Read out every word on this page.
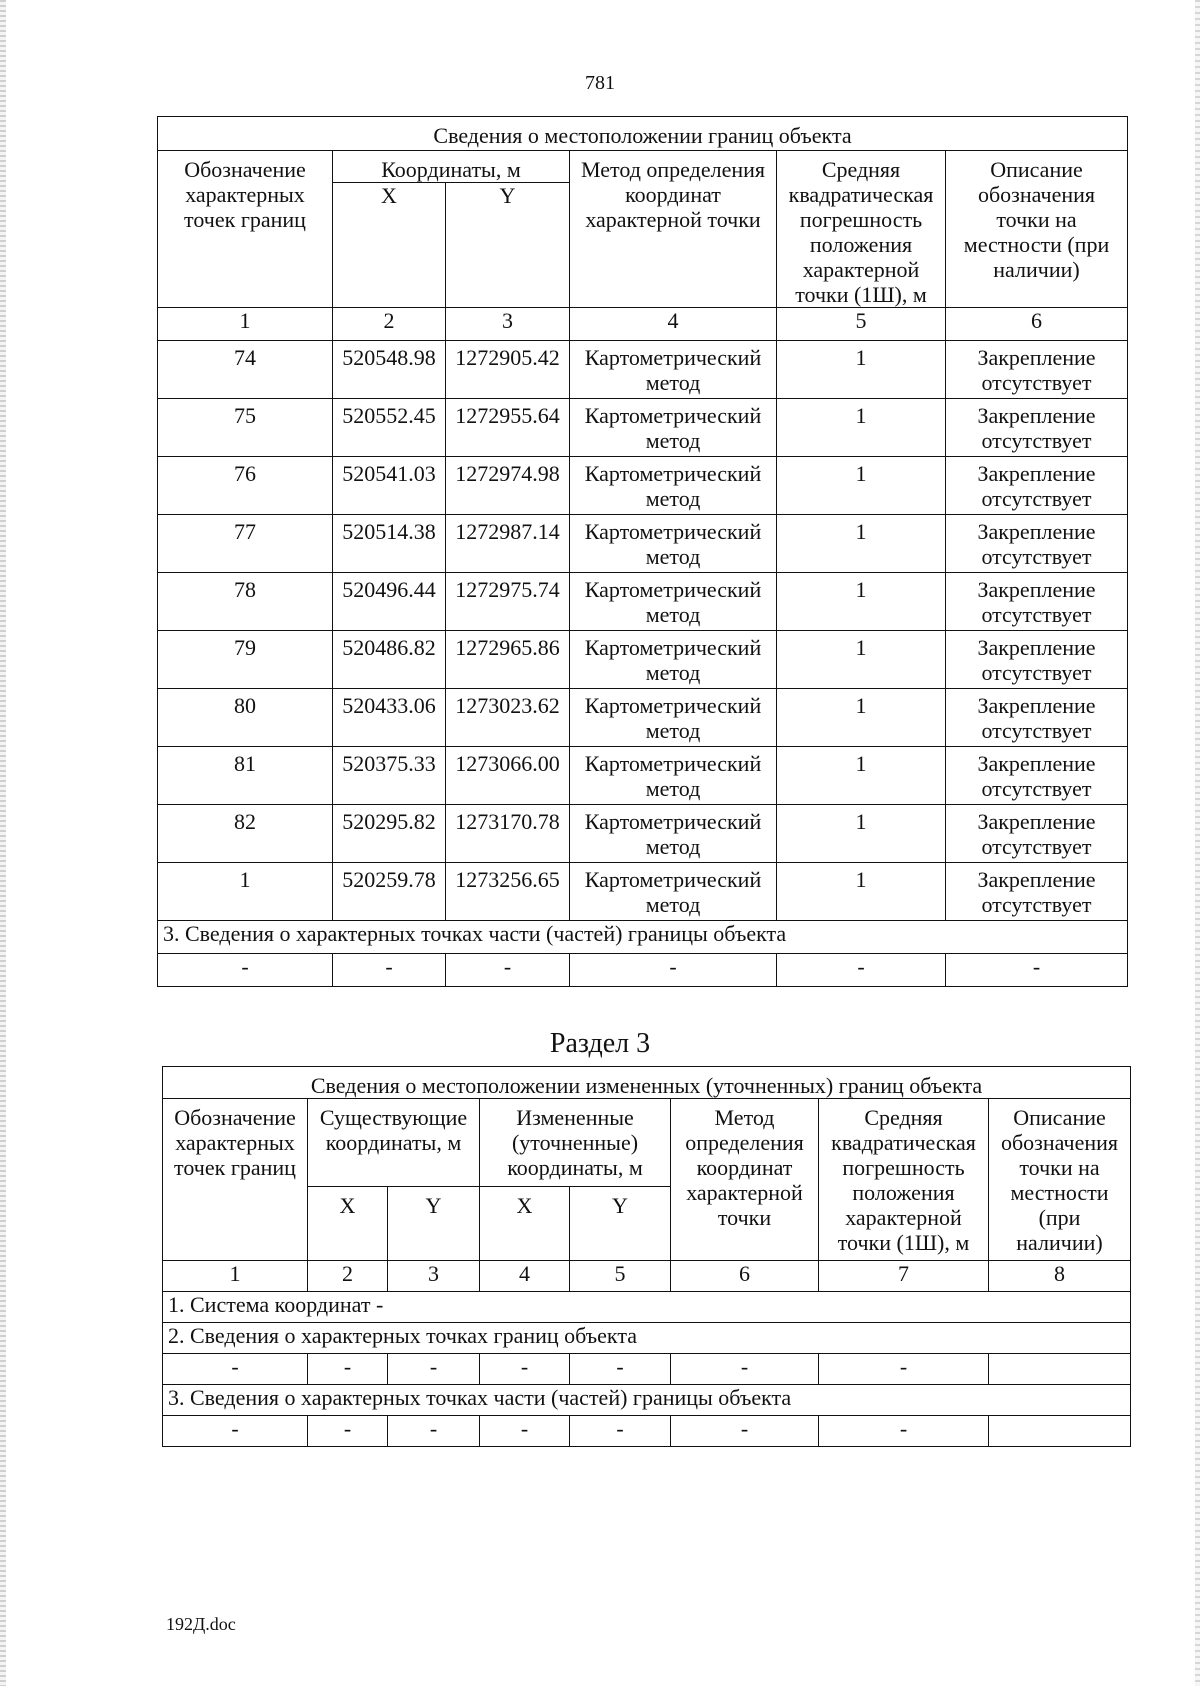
781
Сведения о местоположении границ объекта					
Обозначение характерных точек границ	Координаты, м		Метод определения координат характерной точки	Средняя квадратическая погрешность положения характерной точки (1Ш), м	Описание обозначения точки на местности (при наличии)
	X	Y			
1	2	3	4	5	6
74	520548.98	1272905.42	Картометрический метод	1	Закрепление отсутствует
75	520552.45	1272955.64	Картометрический метод	1	Закрепление отсутствует
76	520541.03	1272974.98	Картометрический метод	1	Закрепление отсутствует
77	520514.38	1272987.14	Картометрический метод	1	Закрепление отсутствует
78	520496.44	1272975.74	Картометрический метод	1	Закрепление отсутствует
79	520486.82	1272965.86	Картометрический метод	1	Закрепление отсутствует
80	520433.06	1273023.62	Картометрический метод	1	Закрепление отсутствует
81	520375.33	1273066.00	Картометрический метод	1	Закрепление отсутствует
82	520295.82	1273170.78	Картометрический метод	1	Закрепление отсутствует
1	520259.78	1273256.65	Картометрический метод	1	Закрепление отсутствует
3. Сведения о характерных точках части (частей) границы объекта					
-	-	-	-	-	-
Раздел 3
Сведения о местоположении измененных (уточненных) границ объекта							
Обозначение характерных точек границ	Существующие координаты, м		Измененные (уточненные) координаты, м		Метод определения координат характерной точки	Средняя квадратическая погрешность положения характерной точки (1Ш), м	Описание обозначения точки на местности (при наличии)
	X	Y	X	Y			
1	2	3	4	5	6	7	8
1. Система координат -							
2. Сведения о характерных точках границ объекта							
-	-	-	-	-	-	-	
3. Сведения о характерных точках части (частей) границы объекта							
-	-	-	-	-	-	-	
192Д.doc
